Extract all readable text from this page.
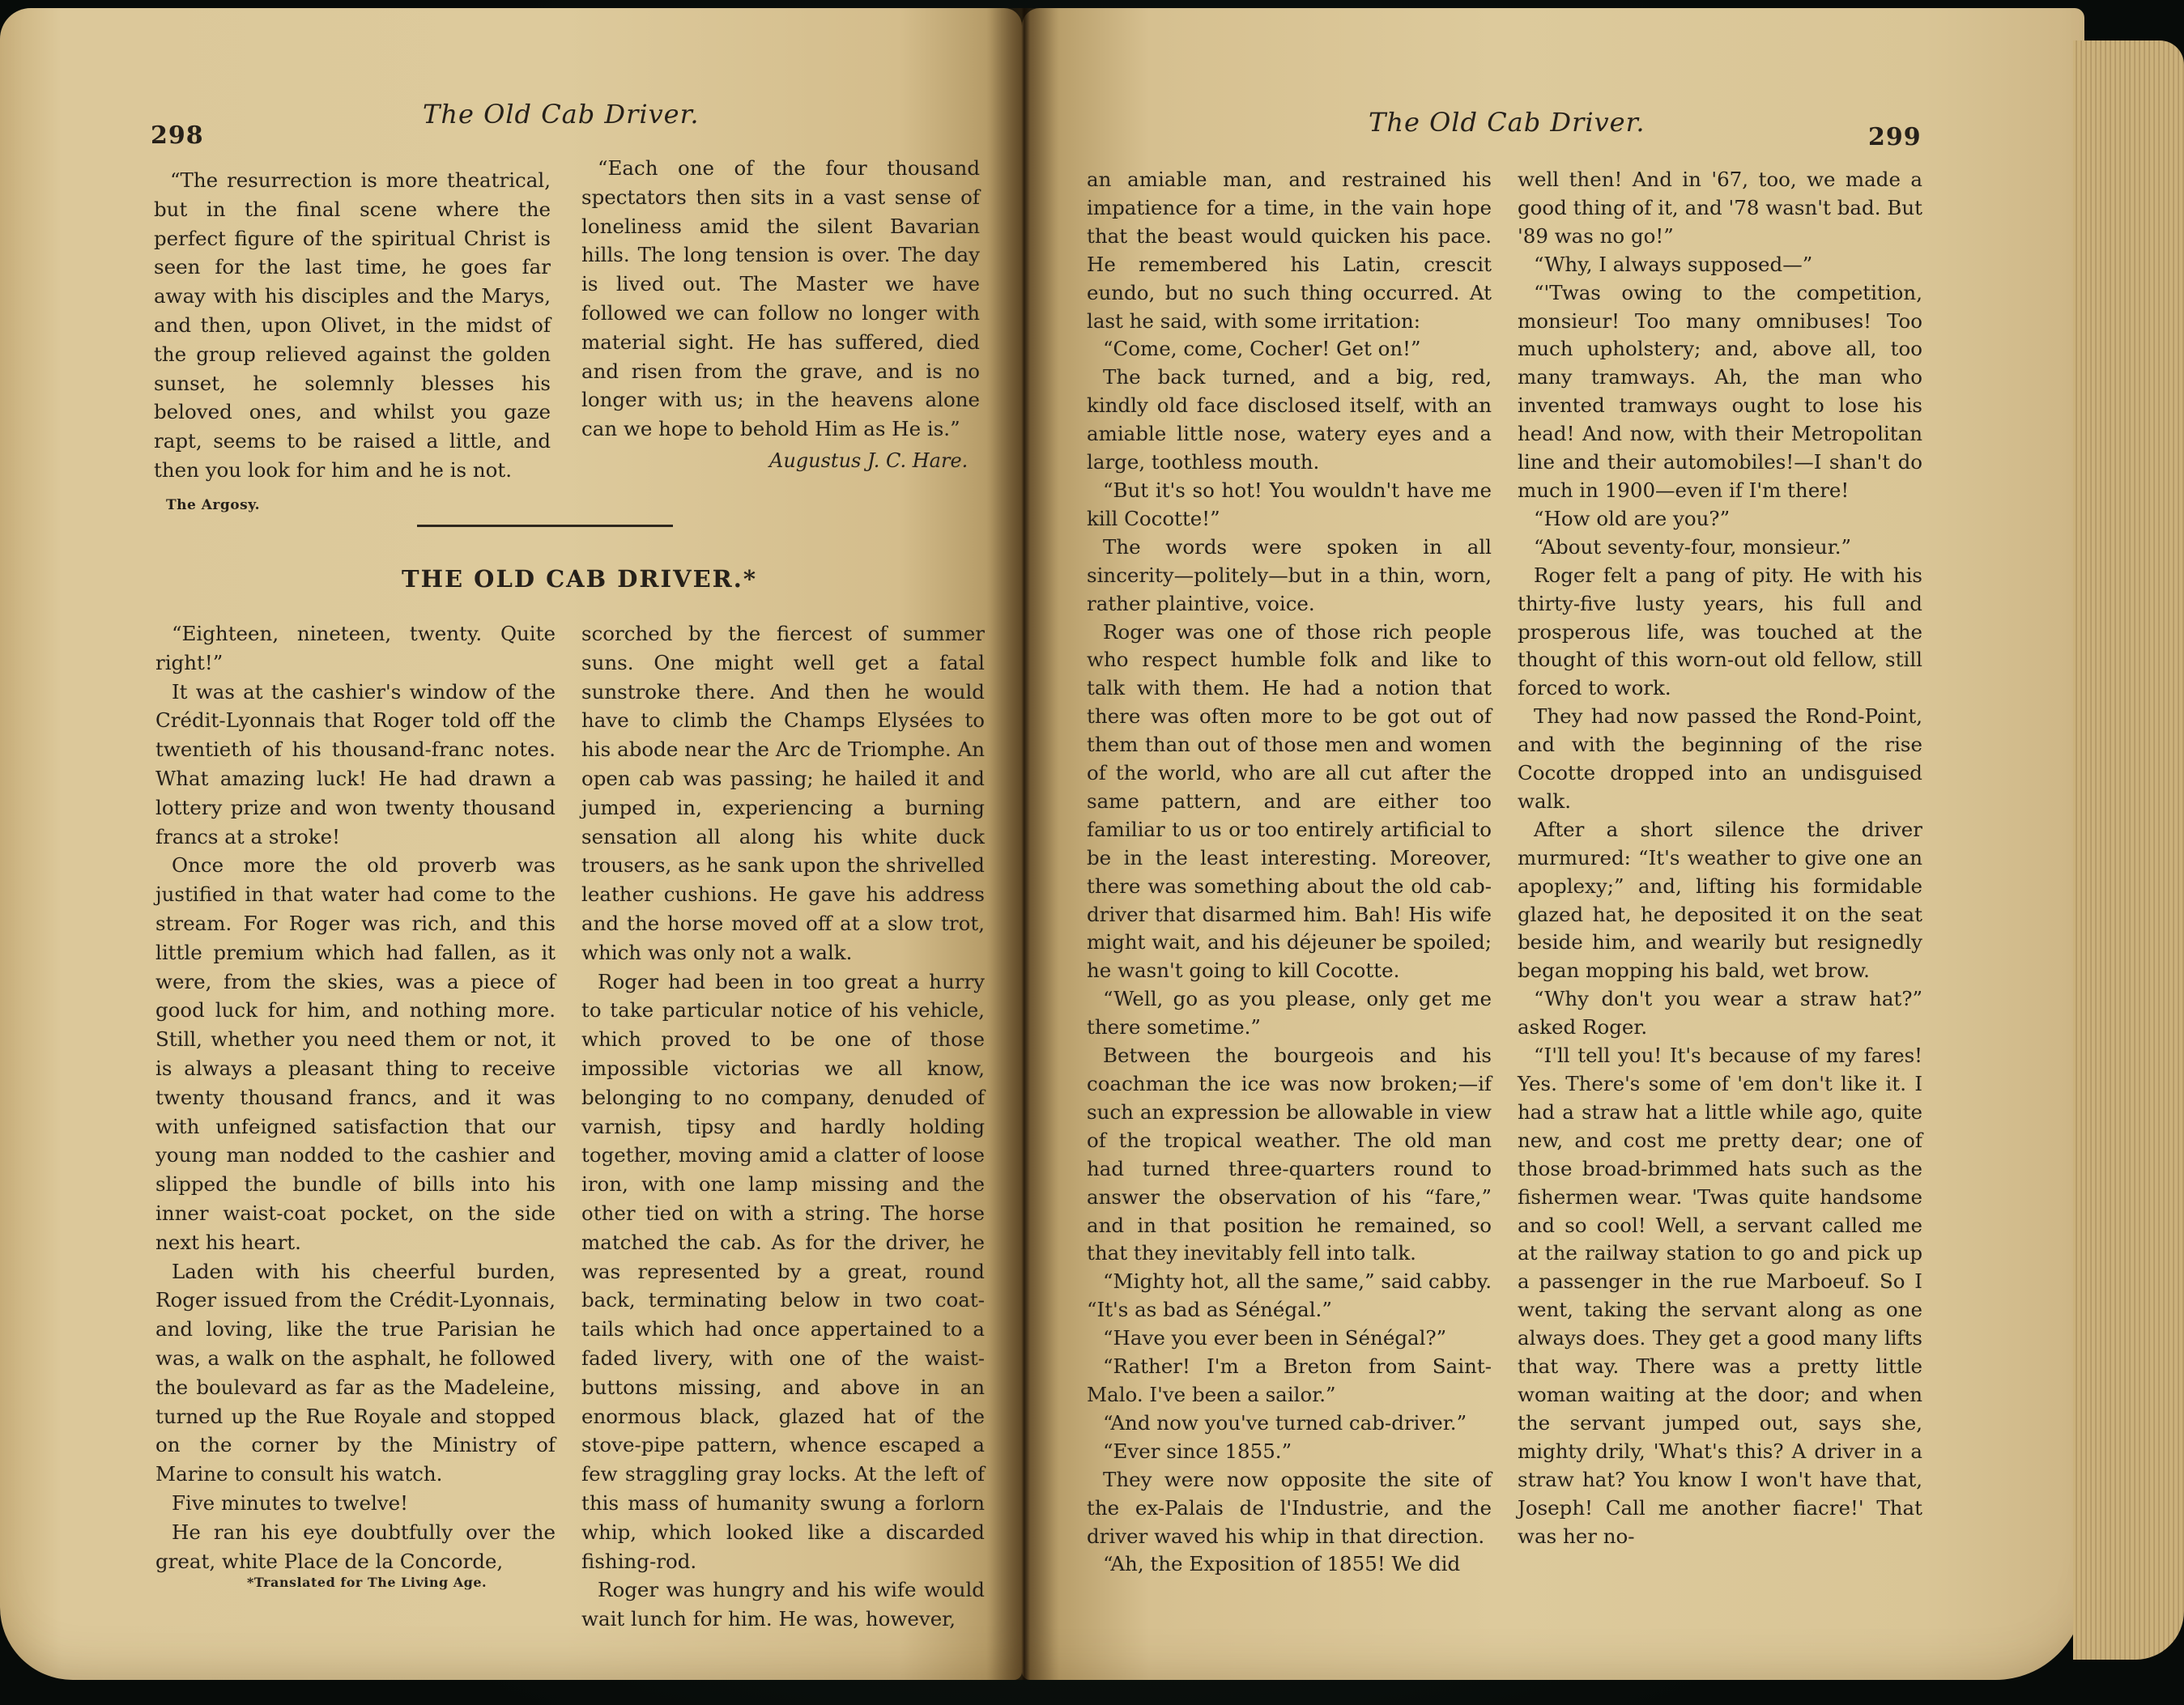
298
The Old Cab Driver.

“The resurrection is more theatrical, but in the final scene where the perfect figure of the spiritual Christ is seen for the last time, he goes far away with his disciples and the Marys, and then, upon Olivet, in the midst of the group relieved against the golden sunset, he solemnly blesses his beloved ones, and whilst you gaze rapt, seems to be raised a little, and then you look for him and he is not.

The Argosy.

“Each one of the four thousand spectators then sits in a vast sense of loneliness amid the silent Bavarian hills. The long tension is over. The day is lived out. The Master we have followed we can follow no longer with material sight. He has suffered, died and risen from the grave, and is no longer with us; in the heavens alone can we hope to behold Him as He is.”

Augustus J. C. Hare.
THE OLD CAB DRIVER.*

“Eighteen, nineteen, twenty. Quite right!”

It was at the cashier's window of the Crédit-Lyonnais that Roger told off the twentieth of his thousand-franc notes. What amazing luck! He had drawn a lottery prize and won twenty thousand francs at a stroke!

Once more the old proverb was justified in that water had come to the stream. For Roger was rich, and this little premium which had fallen, as it were, from the skies, was a piece of good luck for him, and nothing more. Still, whether you need them or not, it is always a pleasant thing to receive twenty thousand francs, and it was with unfeigned satisfaction that our young man nodded to the cashier and slipped the bundle of bills into his inner waist-coat pocket, on the side next his heart.

Laden with his cheerful burden, Roger issued from the Crédit-Lyonnais, and loving, like the true Parisian he was, a walk on the asphalt, he followed the boulevard as far as the Madeleine, turned up the Rue Royale and stopped on the corner by the Ministry of Marine to consult his watch.

Five minutes to twelve!

He ran his eye doubtfully over the great, white Place de la Concorde,

*Translated for The Living Age.

scorched by the fiercest of summer suns. One might well get a fatal sunstroke there. And then he would have to climb the Champs Elysées to his abode near the Arc de Triomphe. An open cab was passing; he hailed it and jumped in, experiencing a burning sensation all along his white duck trousers, as he sank upon the shrivelled leather cushions. He gave his address and the horse moved off at a slow trot, which was only not a walk.

Roger had been in too great a hurry to take particular notice of his vehicle, which proved to be one of those impossible victorias we all know, belonging to no company, denuded of varnish, tipsy and hardly holding together, moving amid a clatter of loose iron, with one lamp missing and the other tied on with a string. The horse matched the cab. As for the driver, he was represented by a great, round back, terminating below in two coat-tails which had once appertained to a faded livery, with one of the waist-buttons missing, and above in an enormous black, glazed hat of the stove-pipe pattern, whence escaped a few straggling gray locks. At the left of this mass of humanity swung a forlorn whip, which looked like a discarded fishing-rod.

Roger was hungry and his wife would wait lunch for him. He was, however,

The Old Cab Driver.	299

an amiable man, and restrained his impatience for a time, in the vain hope that the beast would quicken his pace. He remembered his Latin, crescit eundo, but no such thing occurred. At last he said, with some irritation:

“Come, come, Cocher! Get on!”

The back turned, and a big, red, kindly old face disclosed itself, with an amiable little nose, watery eyes and a large, toothless mouth.

“But it's so hot! You wouldn't have me kill Cocotte!”

The words were spoken in all sincerity—politely—but in a thin, worn, rather plaintive, voice.

Roger was one of those rich people who respect humble folk and like to talk with them. He had a notion that there was often more to be got out of them than out of those men and women of the world, who are all cut after the same pattern, and are either too familiar to us or too entirely artificial to be in the least interesting. Moreover, there was something about the old cab-driver that disarmed him. Bah! His wife might wait, and his déjeuner be spoiled; he wasn't going to kill Cocotte.

“Well, go as you please, only get me there sometime.”

Between the bourgeois and his coachman the ice was now broken;—if such an expression be allowable in view of the tropical weather. The old man had turned three-quarters round to answer the observation of his “fare,” and in that position he remained, so that they inevitably fell into talk.

“Mighty hot, all the same,” said cabby. “It's as bad as Sénégal.”

“Have you ever been in Sénégal?”

“Rather! I'm a Breton from Saint-Malo. I've been a sailor.”

“And now you've turned cab-driver.”

“Ever since 1855.”

They were now opposite the site of the ex-Palais de l'Industrie, and the driver waved his whip in that direction.

“Ah, the Exposition of 1855! We did

well then! And in '67, too, we made a good thing of it, and '78 wasn't bad. But '89 was no go!”

“Why, I always supposed—”

“'Twas owing to the competition, monsieur! Too many omnibuses! Too much upholstery; and, above all, too many tramways. Ah, the man who invented tramways ought to lose his head! And now, with their Metropolitan line and their automobiles!—I shan't do much in 1900—even if I'm there!

“How old are you?”

“About seventy-four, monsieur.”

Roger felt a pang of pity. He with his thirty-five lusty years, his full and prosperous life, was touched at the thought of this worn-out old fellow, still forced to work.

They had now passed the Rond-Point, and with the beginning of the rise Cocotte dropped into an undisguised walk.

After a short silence the driver murmured: “It's weather to give one an apoplexy;” and, lifting his formidable glazed hat, he deposited it on the seat beside him, and wearily but resignedly began mopping his bald, wet brow.

“Why don't you wear a straw hat?” asked Roger.

“I'll tell you! It's because of my fares! Yes. There's some of 'em don't like it. I had a straw hat a little while ago, quite new, and cost me pretty dear; one of those broad-brimmed hats such as the fishermen wear. 'Twas quite handsome and so cool! Well, a servant called me at the railway station to go and pick up a passenger in the rue Marboeuf. So I went, taking the servant along as one always does. They get a good many lifts that way. There was a pretty little woman waiting at the door; and when the servant jumped out, says she, mighty drily, 'What's this? A driver in a straw hat? You know I won't have that, Joseph! Call me another fiacre!' That was her no-
